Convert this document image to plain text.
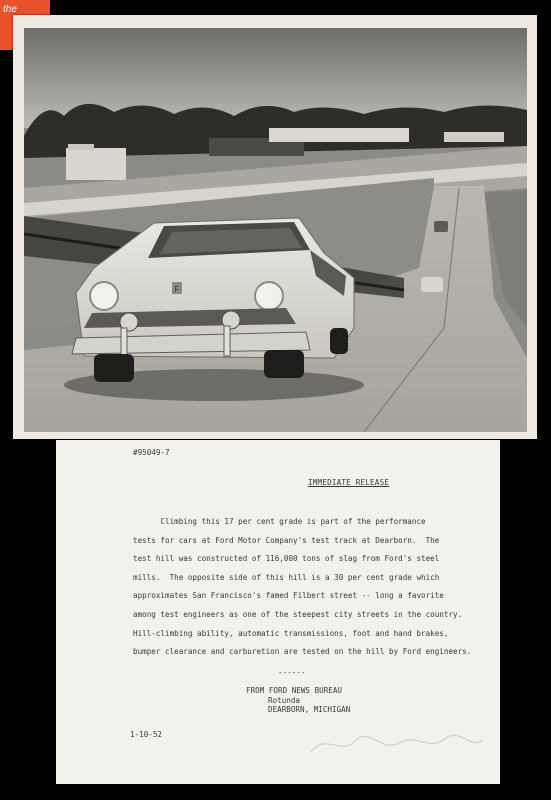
the
F
#95049-7
IMMEDIATE RELEASE
Climbing this 17 per cent grade is part of the performance
tests for cars at Ford Motor Company's test track at Dearborn.  The
test hill was constructed of 116,000 tons of slag from Ford's steel
mills.  The opposite side of this hill is a 30 per cent grade which
approximates San Francisco's famed Filbert street -- long a favorite
among test engineers as one of the steepest city streets in the country.
Hill-climbing ability, automatic transmissions, foot and hand brakes,
bumper clearance and carburetion are tested on the hill by Ford engineers.
------
FROM FORD NEWS BUREAU
Rotunda
DEARBORN, MICHIGAN
1-10-52
